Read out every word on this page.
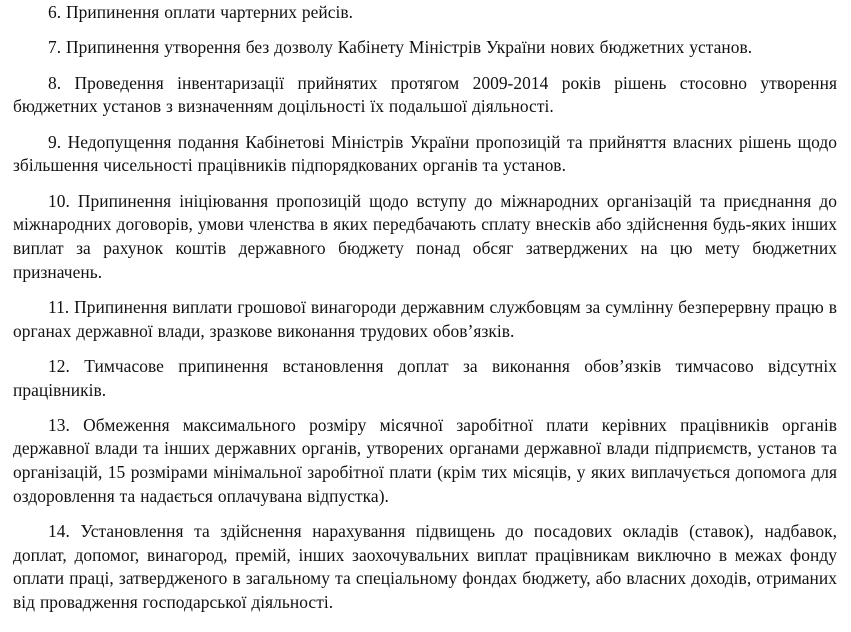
6. Припинення оплати чартерних рейсів.

7. Припинення утворення без дозволу Кабінету Міністрів України нових бюджетних установ.

8. Проведення інвентаризації прийнятих протягом 2009-2014 років рішень стосовно утворення бюджетних установ з визначенням доцільності їх подальшої діяльності.

9. Недопущення подання Кабінетові Міністрів України пропозицій та прийняття власних рішень щодо збільшення чисельності працівників підпорядкованих органів та установ.

10. Припинення ініціювання пропозицій щодо вступу до міжнародних організацій та приєднання до міжнародних договорів, умови членства в яких передбачають сплату внесків або здійснення будь-яких інших виплат за рахунок коштів державного бюджету понад обсяг затверджених на цю мету бюджетних призначень.

11. Припинення виплати грошової винагороди державним службовцям за сумлінну безперервну працю в органах державної влади, зразкове виконання трудових обов’язків.

12. Тимчасове припинення встановлення доплат за виконання обов’язків тимчасово відсутніх працівників.

13. Обмеження максимального розміру місячної заробітної плати керівних працівників органів державної влади та інших державних органів, утворених органами державної влади підприємств, установ та організацій, 15 розмірами мінімальної заробітної плати (крім тих місяців, у яких виплачується допомога для оздоровлення та надається оплачувана відпустка).

14. Установлення та здійснення нарахування підвищень до посадових окладів (ставок), надбавок, доплат, допомог, винагород, премій, інших заохочувальних виплат працівникам виключно в межах фонду оплати праці, затвердженого в загальному та спеціальному фондах бюджету, або власних доходів, отриманих від провадження господарської діяльності.
